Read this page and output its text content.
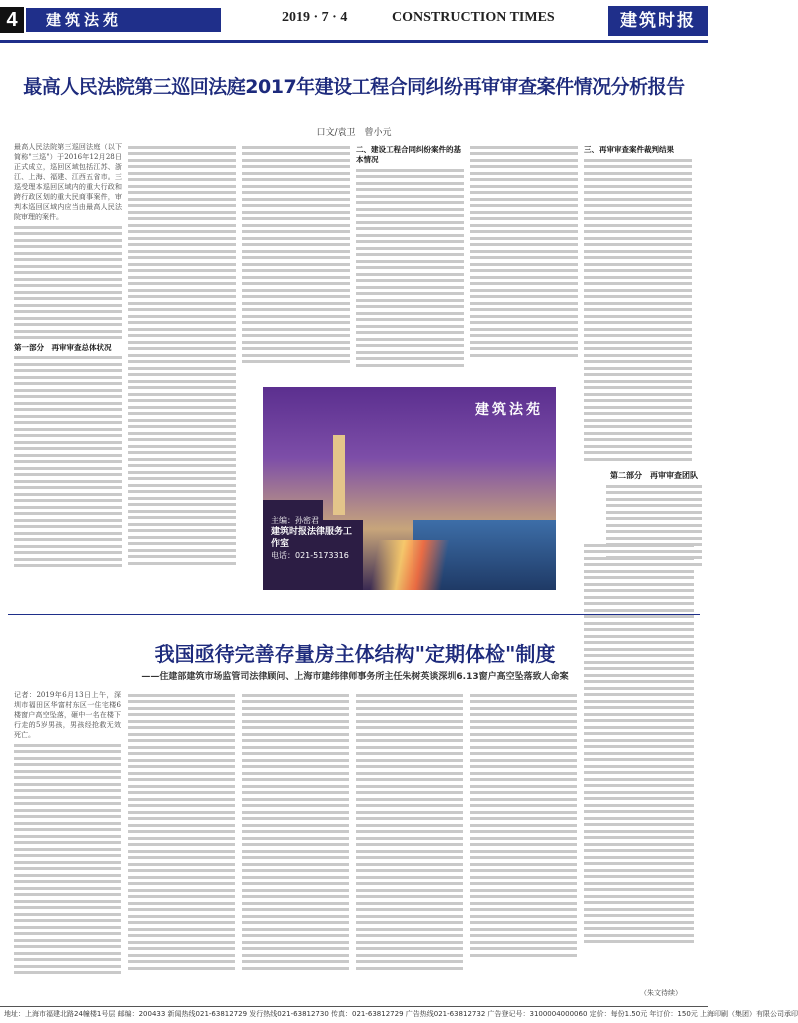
4	建筑法苑	2019 · 7 · 4	CONSTRUCTION TIMES	建筑时报
最高人民法院第三巡回法庭2017年建设工程合同纠纷再审审查案件情况分析报告
口文/袁卫　曾小元
最高人民法院第三巡回法庭（以下简称"三巡"）于2016年12月28日正式成立，巡回区域包括江苏、浙江、上海、福建、江西五省市。三巡受理本巡回区域内的重大行政和跨行政区划的重大民商事案件，审判本巡回区域内应当由最高人民法院审理的案件。
第一部分　再审审查总体状况
二、建设工程合同纠纷案件的基本情况
三、再审审查案件裁判结果
建筑法苑
主编：孙密君
建筑时报法律服务工作室
电话：021-5173316
第二部分　再审审查团队
我国亟待完善存量房主体结构"定期体检"制度
——住建部建筑市场监管司法律顾问、上海市建纬律师事务所主任朱树英谈深圳6.13窗户高空坠落致人命案
记者：2019年6月13日上午，深圳市福田区华富村东区一住宅楼6楼窗户高空坠落，砸中一名在楼下行走的5岁男孩，男孩经抢救无效死亡。
（朱文待续）
地址：上海市福建北路24幢楼1号层 邮编：200433 新闻热线021-63812729 发行热线021-63812730 传真：021-63812729 广告热线021-63812732 广告登记号：3100004000060 定价：每份1.50元 年订价：150元 上海印刷（集团）有限公司承印
